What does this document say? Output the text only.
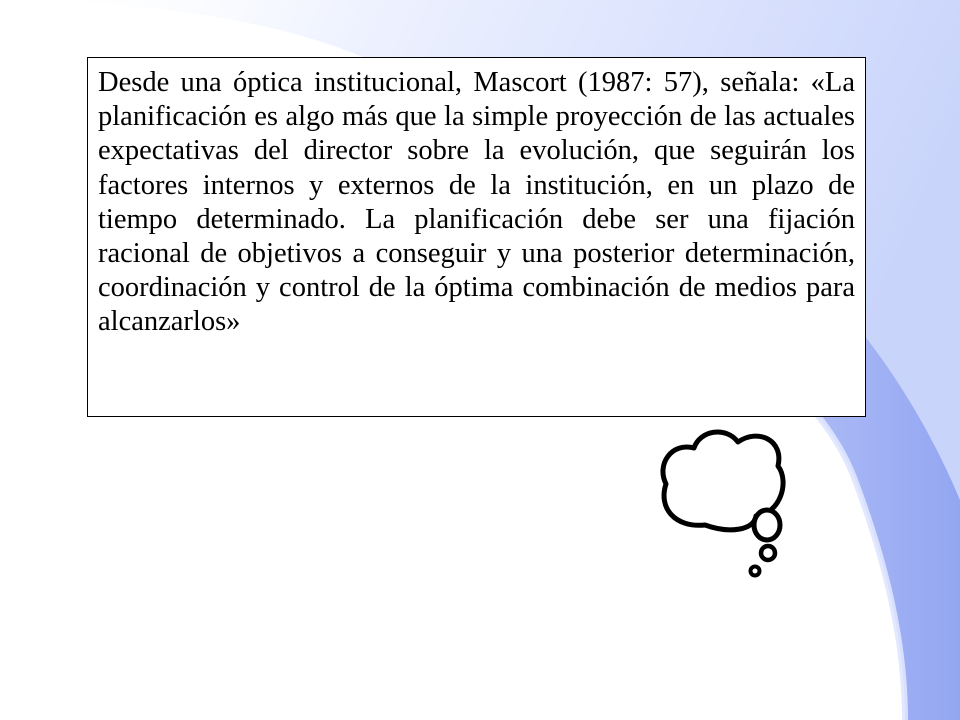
Desde una óptica institucional, Mascort (1987: 57), señala: «La planificación es algo más que la simple proyección de las actuales expectativas del director sobre la evolución, que seguirán los factores internos y externos de la institución, en un plazo de tiempo determinado. La planificación debe ser una fijación racional de objetivos a conseguir y una posterior determinación, coordinación y control de la óptima combinación de medios para alcanzarlos»
